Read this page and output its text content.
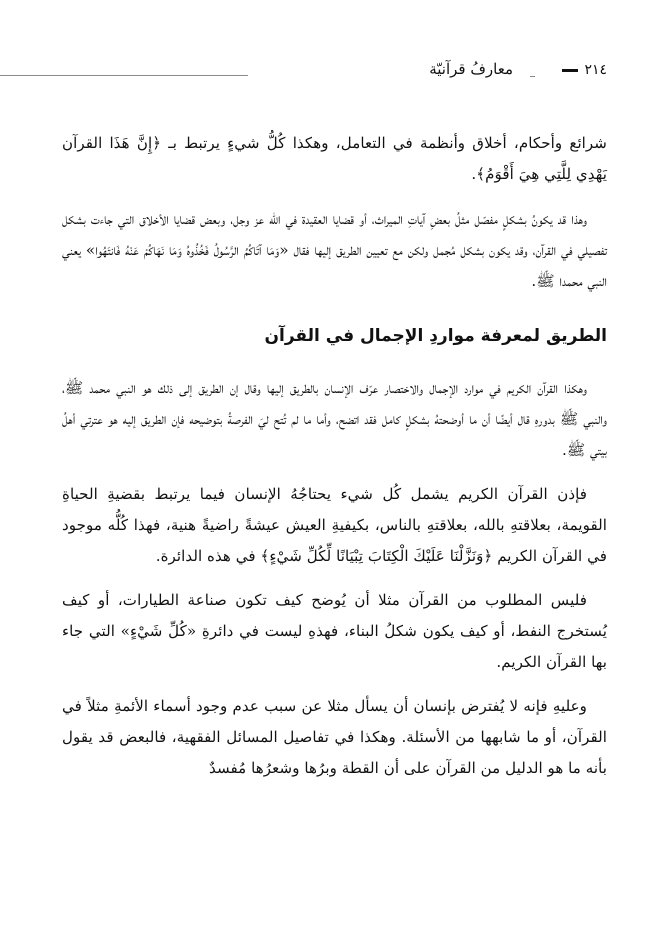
٢١٤
معارفُ قرآنيّة

شرائع وأحكام، أخلاق وأنظمة في التعامل، وهكذا كُلُّ شيءٍ يرتبط بـ ﴿إِنَّ هَذَا القرآن يَهْدِي لِلَّتِي هِيَ أَقْوَمُ﴾.

وهذا قد يكونُ بشكلٍ مفصّل مثلُ بعضِ آياتِ الميراث، أو قضايا العقيدة في الله عز وجل، وبعض قضايا الأخلاق التي جاءت بشكل تفصيلي في القرآن، وقد يكون بشكل مُجمل ولكن مع تعيين الطريق إليها فقال «وَمَا آتَاكُمُ الرَّسُولُ فَخُذُوهُ وَمَا نَهَاكُمْ عَنْهُ فَانتَهُوا» يعني النبي محمدا ﷺ.

الطريق لمعرفة مواردِ الإجمال في القرآن

وهكذا القرآن الكريم في موارد الإجمال والاختصار عرّف الإنسان بالطريق إليها وقال إن الطريق إلى ذلك هو النبي محمد ﷺ، والنبي ﷺ بدورهِ قال أيضًا أن ما أوضحتهُ بشكلٍ كامل فقد اتضح، وأما ما لم تُتح ليَ الفرصةُ بتوضيحه فإن الطريق إليه هو عترتي أهلُ بيتي ﷺ.

فإذن القرآن الكريم يشمل كُل شيء يحتاجُهُ الإنسان فيما يرتبط بقضيةِ الحياةِ القويمة، بعلاقتهِ بالله، بعلاقتهِ بالناس، بكيفيةِ العيش عيشةً راضيةً هنية، فهذا كُلُّه موجود في القرآن الكريم ﴿وَنَزَّلْنَا عَلَيْكَ الْكِتَابَ تِبْيَانًا لِّكُلِّ شَيْءٍ﴾ في هذه الدائرة.

فليس المطلوب من القرآن مثلا أن يُوضح كيف تكون صناعة الطيارات، أو كيف يُستخرج النفط، أو كيف يكون شكلُ البناء، فهذهِ ليست في دائرةِ «كُلِّ شَيْءٍ» التي جاء بها القرآن الكريم.

وعليهِ فإنه لا يُفترض بإنسان أن يسأل مثلا عن سبب عدم وجود أسماء الأئمةِ مثلاً في القرآن، أو ما شابهها من الأسئلة. وهكذا في تفاصيل المسائل الفقهية، فالبعض قد يقول بأنه ما هو الدليل من القرآن على أن القطة وبرُها وشعرُها مُفسدٌ
